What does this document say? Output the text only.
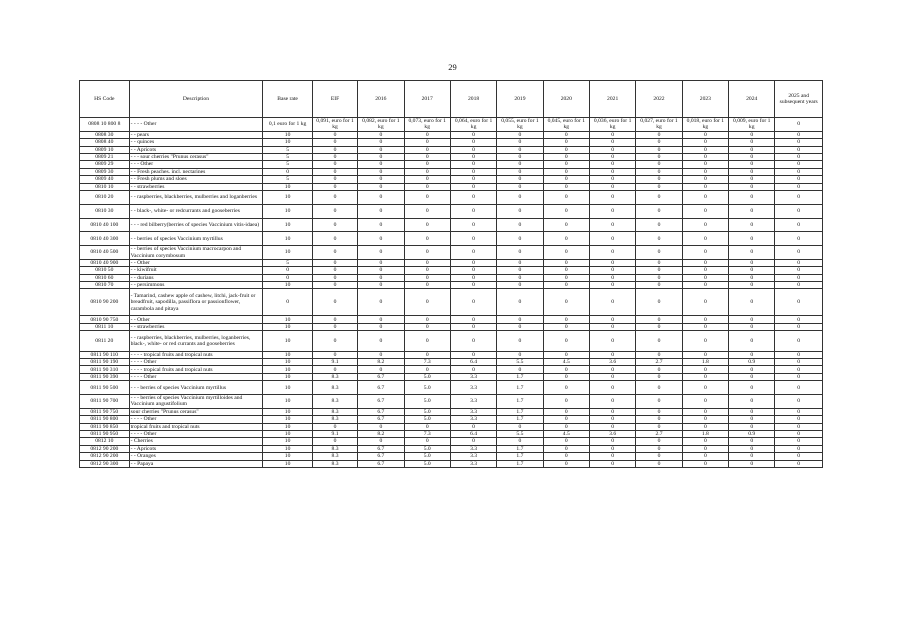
29
HS Code	Description	Base rate	EIF	2016	2017	2018	2019	2020	2021	2022	2023	2024	2025 and subsequent years
0808 10 800 8	- - - - Other	0,1 euro for 1 kg	0,091, euro for 1 kg	0,082, euro for 1 kg	0,073, euro for 1 kg	0,064, euro for 1 kg	0,055, euro for 1 kg	0,045, euro for 1 kg	0,036, euro for 1 kg	0,027, euro for 1 kg	0,018, euro for 1 kg	0,009, euro for 1 kg	0
0808 30	- - pears	10	0	0	0	0	0	0	0	0	0	0	0
0808 40	- - quinces	10	0	0	0	0	0	0	0	0	0	0	0
0809 10	- - Apricots	5	0	0	0	0	0	0	0	0	0	0	0
0809 21	- - - sour cherries "Prunus cerasus"	5	0	0	0	0	0	0	0	0	0	0	0
0809 29	- - - Other	5	0	0	0	0	0	0	0	0	0	0	0
0809 30	- - Fresh peaches. incl. nectarines	0	0	0	0	0	0	0	0	0	0	0	0
0809 40	- - Fresh plums and sloes	5	0	0	0	0	0	0	0	0	0	0	0
0810 10	- - strawberries	10	0	0	0	0	0	0	0	0	0	0	0
0810 20	- - raspberries, blackberries, mulberries and loganberries	10	0	0	0	0	0	0	0	0	0	0	0
0810 30	- - black-, white- or redcurrants and gooseberries	10	0	0	0	0	0	0	0	0	0	0	0
0810 40 100	- - - red bilberry(berries of species Vaccinium vitis-idaea)	10	0	0	0	0	0	0	0	0	0	0	0
0810 40 300	- - berries of species Vaccinium myrtillus	10	0	0	0	0	0	0	0	0	0	0	0
0810 40 500	- - berries of species Vaccinium macrocarpon and Vaccinium corymbosum	10	0	0	0	0	0	0	0	0	0	0	0
0810 40 900	- - Other	5	0	0	0	0	0	0	0	0	0	0	0
0810 50	- - kiwifruit	0	0	0	0	0	0	0	0	0	0	0	0
0810 60	- - durians	0	0	0	0	0	0	0	0	0	0	0	0
0810 70	- - persimmons	10	0	0	0	0	0	0	0	0	0	0	0
0810 90 200	- Tamarind, cashew apple of cashew, litchi, jack-fruit or breadfruit, sapodilla, passiflora or passionflower, carambola and pitaya	0	0	0	0	0	0	0	0	0	0	0	0
0810 90 750	- - Other	10	0	0	0	0	0	0	0	0	0	0	0
0811 10	- - strawberries	10	0	0	0	0	0	0	0	0	0	0	0
0811 20	- - raspberries, blackberries, mulberries, loganberries, black-, white- or red currants and gooseberries	10	0	0	0	0	0	0	0	0	0	0	0
0811 90 110	- - - - tropical fruits and tropical nuts	10	0	0	0	0	0	0	0	0	0	0	0
0811 90 190	- - - - Other	10	9.1	8.2	7.3	6.4	5.5	4.5	3.6	2.7	1.8	0.9	0
0811 90 310	- - - - tropical fruits and tropical nuts	10	0	0	0	0	0	0	0	0	0	0	0
0811 90 390	- - - - Other	10	8.3	6.7	5.0	3.3	1.7	0	0	0	0	0	0
0811 90 500	- - - berries of species Vaccinium myrtillus	10	8.3	6.7	5.0	3.3	1.7	0	0	0	0	0	0
0811 90 700	- - - berries of species Vaccinium myrtilloides and Vaccinium angustifolium	10	8.3	6.7	5.0	3.3	1.7	0	0	0	0	0	0
0811 90 750	sour cherries "Prunus cerasus"	10	8.3	6.7	5.0	3.3	1.7	0	0	0	0	0	0
0811 90 800	- - - - Other	10	8.3	6.7	5.0	3.3	1.7	0	0	0	0	0	0
0811 90 850	tropical fruits and tropical nuts	10	0	0	0	0	0	0	0	0	0	0	0
0811 90 950	- - - - Other	10	9.1	8.2	7.3	6.4	5.5	4.5	3.6	2.7	1.8	0.9	0
0812 10	- Cherries	10	0	0	0	0	0	0	0	0	0	0	0
0812 90 200	- - Apricots	10	8.3	6.7	5.0	3.3	1.7	0	0	0	0	0	0
0812 90 200	- - Oranges	10	8.3	6.7	5.0	3.3	1.7	0	0	0	0	0	0
0812 90 300	- - Papaya	10	8.3	6.7	5.0	3.3	1.7	0	0	0	0	0	0
